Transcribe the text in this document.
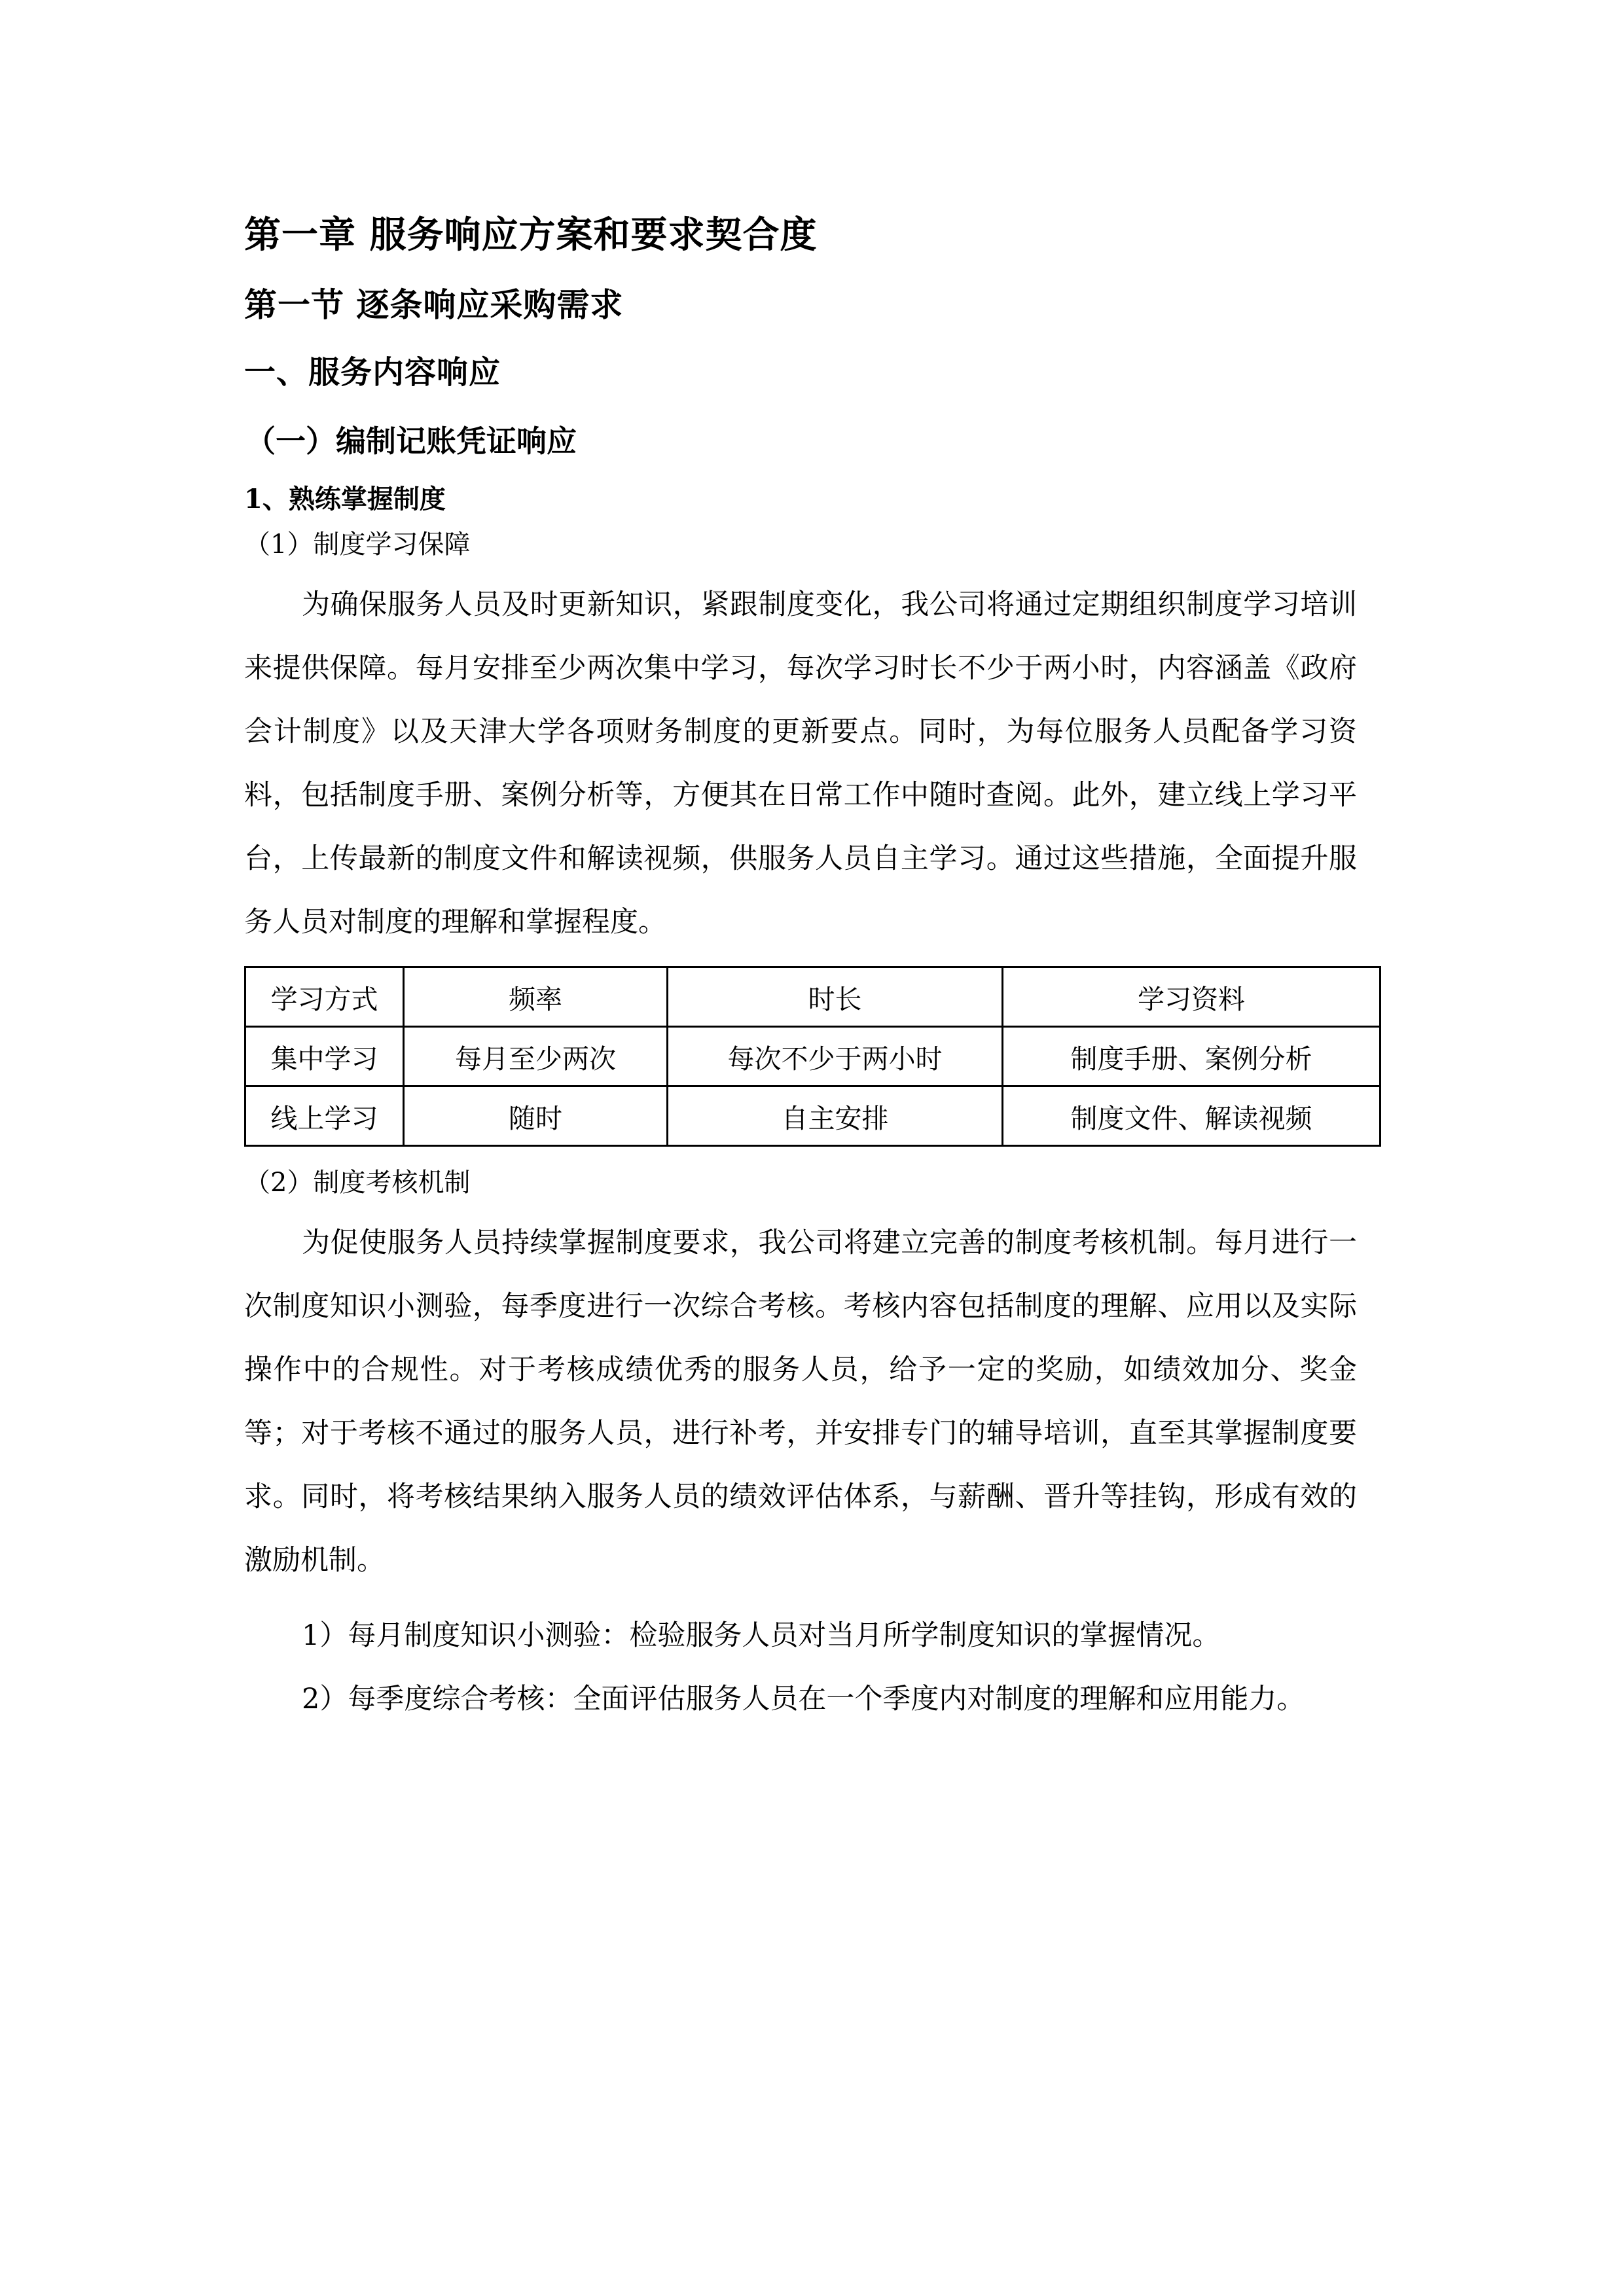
第一章 服务响应方案和要求契合度
第一节 逐条响应采购需求
一、服务内容响应
（一）编制记账凭证响应

1、熟练掌握制度

（1）制度学习保障

为确保服务人员及时更新知识，紧跟制度变化，我公司将通过定期组织制度学习培训来提供保障。每月安排至少两次集中学习，每次学习时长不少于两小时，内容涵盖《政府会计制度》以及天津大学各项财务制度的更新要点。同时，为每位服务人员配备学习资料，包括制度手册、案例分析等，方便其在日常工作中随时查阅。此外，建立线上学习平台，上传最新的制度文件和解读视频，供服务人员自主学习。通过这些措施，全面提升服务人员对制度的理解和掌握程度。

学习方式	频率	时长	学习资料
集中学习	每月至少两次	每次不少于两小时	制度手册、案例分析
线上学习	随时	自主安排	制度文件、解读视频

（2）制度考核机制

为促使服务人员持续掌握制度要求，我公司将建立完善的制度考核机制。每月进行一次制度知识小测验，每季度进行一次综合考核。考核内容包括制度的理解、应用以及实际操作中的合规性。对于考核成绩优秀的服务人员，给予一定的奖励，如绩效加分、奖金等；对于考核不通过的服务人员，进行补考，并安排专门的辅导培训，直至其掌握制度要求。同时，将考核结果纳入服务人员的绩效评估体系，与薪酬、晋升等挂钩，形成有效的激励机制。

1）每月制度知识小测验：检验服务人员对当月所学制度知识的掌握情况。

2）每季度综合考核：全面评估服务人员在一个季度内对制度的理解和应用能力。
